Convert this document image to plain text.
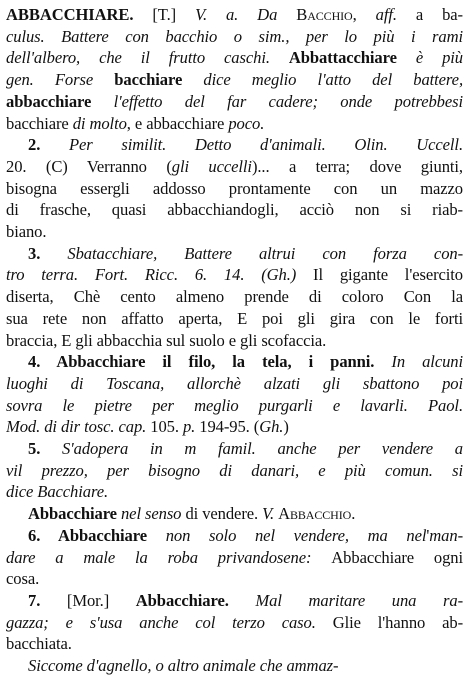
ABBACCHIARE. [T.] V. a. Da Bacchio, aff. a ba-
culus. Battere con bacchio o sim., per lo più i rami
dell'albero, che il frutto caschi. Abbattacchiare è più
gen. Forse bacchiare dice meglio l'atto del battere,
abbacchiare l'effetto del far cadere; onde potrebbesi
bacchiare di molto, e abbacchiare poco.
2. Per similit. Detto d'animali. Olin. Uccell.
20. (C) Verranno (gli uccelli)... a terra; dove giunti,
bisogna essergli addosso prontamente con un mazzo
di frasche, quasi abbacchiandogli, acciò non si riab-
biano.
3. Sbatacchiare, Battere altrui con forza con-
tro terra. Fort. Ricc. 6. 14. (Gh.) Il gigante l'esercito
diserta, Chè cento almeno prende di coloro Con la
sua rete non affatto aperta, E poi gli gira con le forti
braccia, E gli abbacchia sul suolo e gli scofaccia.
4. Abbacchiare il filo, la tela, i panni. In alcuni
luoghi di Toscana, allorchè alzati gli sbattono poi
sovra le pietre per meglio purgarli e lavarli. Paol.
Mod. di dir tosc. cap. 105. p. 194-95. (Gh.)
5. S'adopera in m famil. anche per vendere a
vil prezzo, per bisogno di danari, e più comun. si
dice Bacchiare.
Abbacchiare nel senso di vendere. V. Abbacchio.
6. Abbacchiare non solo nel vendere, ma nel'man-
dare a male la roba privandosene: Abbacchiare ogni
cosa.
7. [Mor.] Abbacchiare. Mal maritare una ra-
gazza; e s'usa anche col terzo caso. Glie l'hanno ab-
bacchiata.
Siccome d'agnello, o altro animale che ammaz-
